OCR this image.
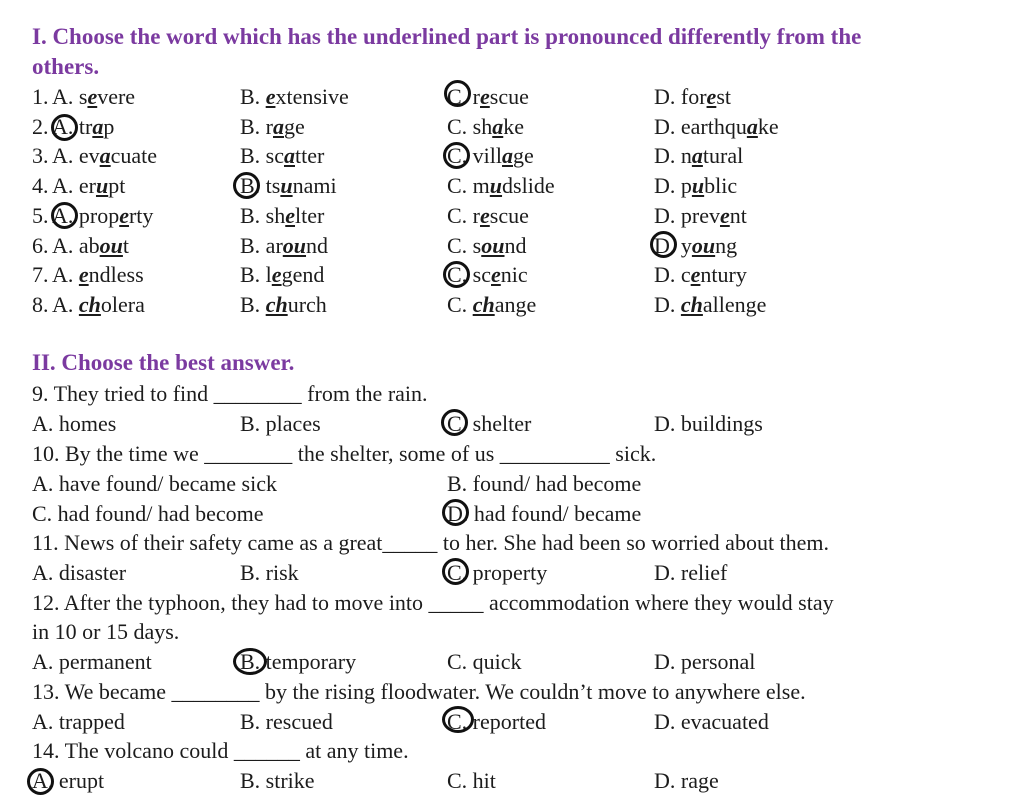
I. Choose the word which has the underlined part is pronounced differently from the
others.
1. A. severe	B. extensive	C. rescue	D. forest
2. A. trap	B. rage	C. shake	D. earthquake
3. A. evacuate	B. scatter	C. village	D. natural
4. A. erupt	B. tsunami	C. mudslide	D. public
5. A. property	B. shelter	C. rescue	D. prevent
6. A. about	B. around	C. sound	D. young
7. A. endless	B. legend	C. scenic	D. century
8. A. cholera	B. church	C. change	D. challenge
II. Choose the best answer.
9. They tried to find ________ from the rain.
A. homes	B. places	C. shelter	D. buildings
10. By the time we ________ the shelter, some of us __________ sick.
A. have found/ became sick	B. found/ had become
C. had found/ had become	D. had found/ became
11. News of their safety came as a great_____ to her. She had been so worried about them.
A. disaster	B. risk	C. property	D. relief
12. After the typhoon, they had to move into _____ accommodation where they would stay
in 10 or 15 days.
A. permanent	B. temporary	C. quick	D. personal
13. We became ________ by the rising floodwater. We couldn’t move to anywhere else.
A. trapped	B. rescued	C. reported	D. evacuated
14. The volcano could ______ at any time.
A. erupt	B. strike	C. hit	D. rage
